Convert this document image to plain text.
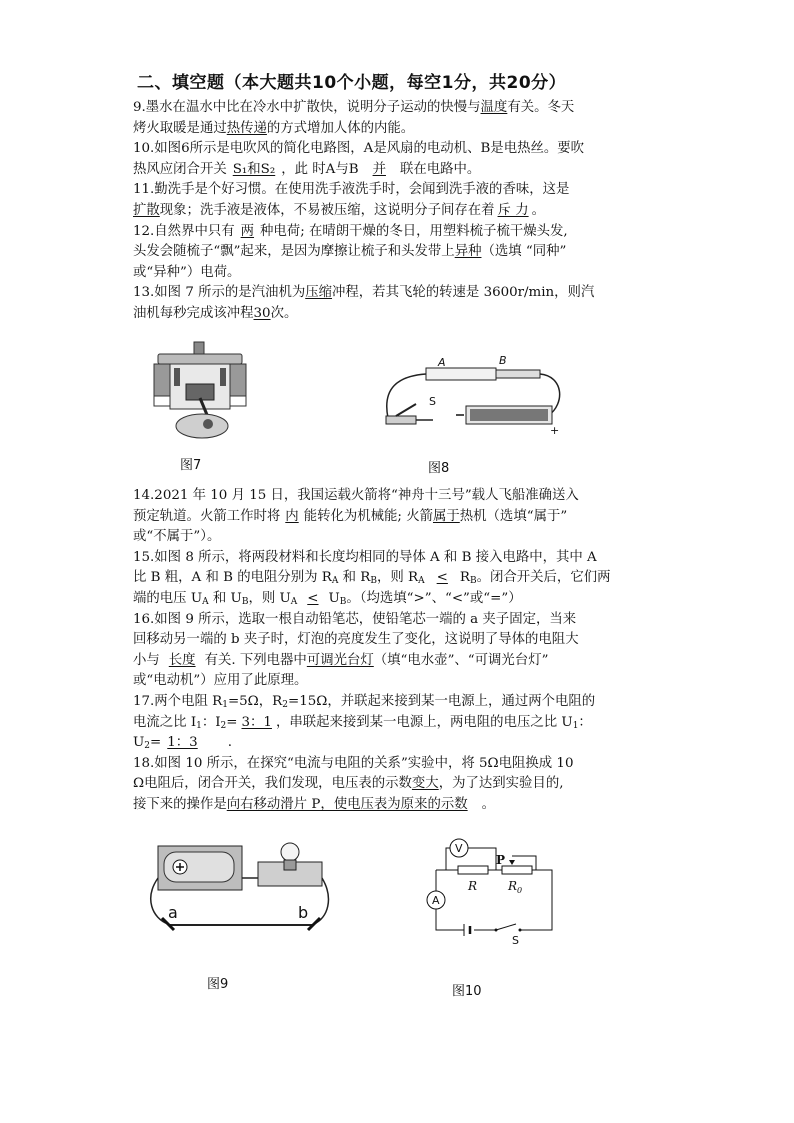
二、填空题（本大题共10个小题，每空1分，共20分）
9.墨水在温水中比在冷水中扩散快，说明分子运动的快慢与温度有关。冬天
烤火取暖是通过热传递的方式增加人体的内能。
10.如图6所示是电吹风的简化电路图，A是风扇的电动机、B是电热丝。要吹
热风应闭合开关 S₁和S₂ ，此 时A与B 并 联在电路中。
11.勤洗手是个好习惯。在使用洗手液洗手时，会闻到洗手液的香味，这是
扩散现象；洗手液是液体，不易被压缩，这说明分子间存在着 斥 力 。
12.自然界中只有 两 种电荷; 在晴朗干燥的冬日，用塑料梳子梳干燥头发,
头发会随梳子“飘”起来，是因为摩擦让梳子和头发带上异种（选填 “同种”
或“异种”）电荷。
13.如图 7 所示的是汽油机为压缩冲程，若其飞轮的转速是 3600r/min，则汽
油机每秒完成该冲程30次。
图7
A	B
S
+
图8
14.2021 年 10 月 15 日，我国运载火箭将“神舟十三号”载人飞船准确送入
预定轨道。火箭工作时将 内 能转化为机械能; 火箭属于热机（选填“属于”
或“不属于”）。
15.如图 8 所示，将两段材料和长度均相同的导体 A 和 B 接入电路中，其中 A
比 B 粗，A 和 B 的电阻分别为 $R_A$ 和 $R_B$，则 $R_A < R_B$。闭合开关后，它们两
端的电压 $U_A$ 和 $U_B$，则 $U_A < U_B$。（均选填“>”、“<”或“=”）
16.如图 9 所示，选取一根自动铅笔芯，使铅笔芯一端的 a 夹子固定，当来
回移动另一端的 b 夹子时，灯泡的亮度发生了变化，这说明了导体的电阻大
小与 长度 有关. 下列电器中可调光台灯（填“电水壶”、“可调光台灯”
或“电动机”）应用了此原理。
17.两个电阻 $R_1=5\Omega$，$R_2=15\Omega$，并联起来接到某一电源上，通过两个电阻的
电流之比 $I_1$：$I_2= 3$：1 ，串联起来接到某一电源上，两电阻的电压之比 $U_1$：
$U_2= 1$：3 .
18.如图 10 所示，在探究“电流与电阻的关系”实验中，将 5Ω电阻换成 10
Ω电阻后，闭合开关，我们发现，电压表的示数变大，为了达到实验目的,
接下来的操作是向右移动滑片 P，使电压表为原来的示数 。
a	b
图9
V
A
P
R	R 0
S
图10
